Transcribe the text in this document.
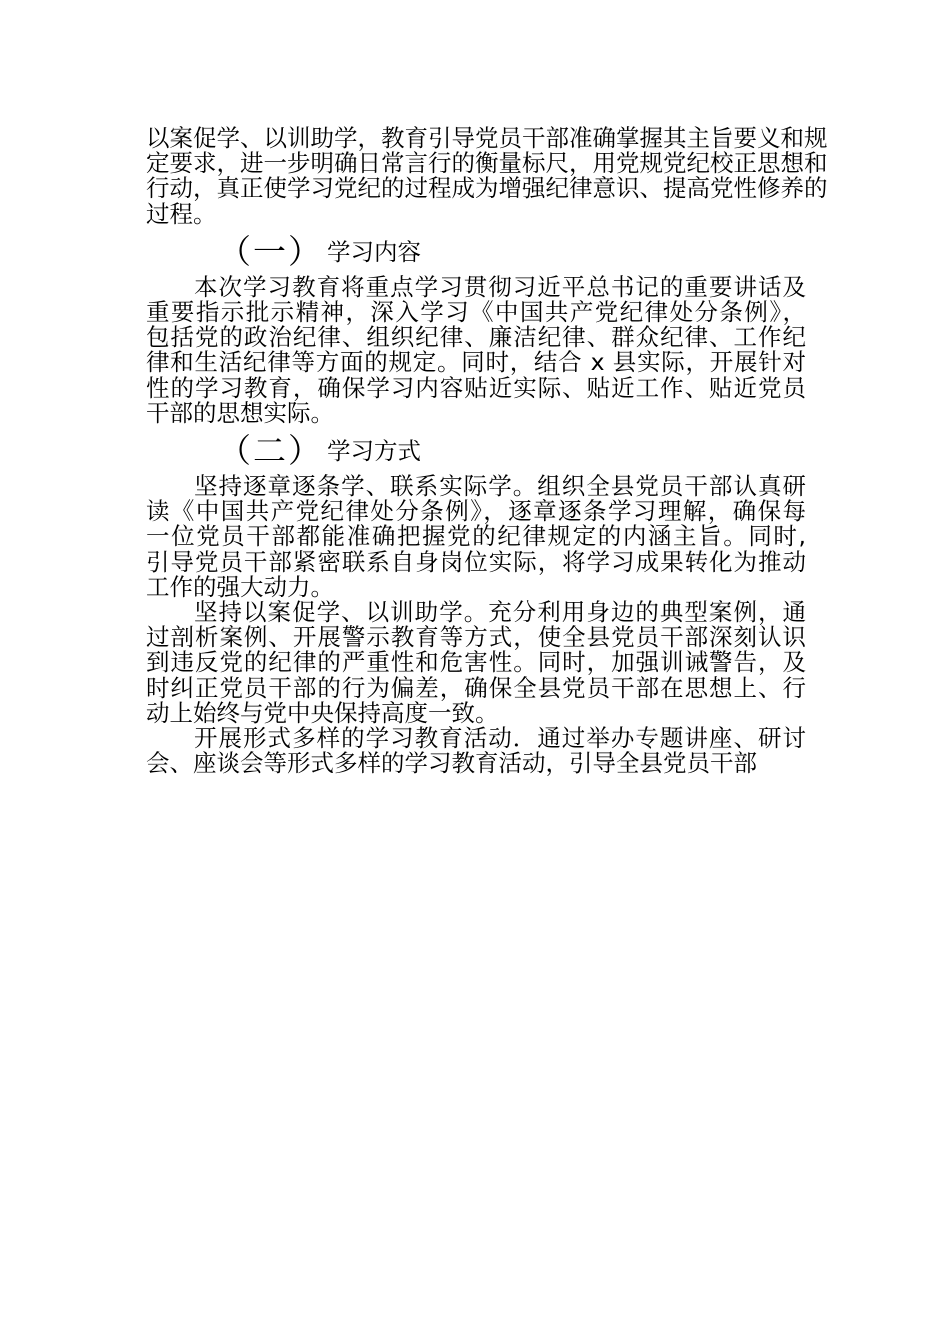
以案促学、以训助学，教育引导党员干部准确掌握其主旨要义和规
定要求，进一步明确日常言行的衡量标尺，用党规党纪校正思想和
行动，真正使学习党纪的过程成为增强纪律意识、提高党性修养的
过程。
（一） 学习内容
本次学习教育将重点学习贯彻习近平总书记的重要讲话及
重要指示批示精神，深入学习《中国共产党纪律处分条例》，
包括党的政治纪律、组织纪律、廉洁纪律、群众纪律、工作纪
律和生活纪律等方面的规定。同时，结合 x 县实际，开展针对
性的学习教育，确保学习内容贴近实际、贴近工作、贴近党员
干部的思想实际。
（二） 学习方式
坚持逐章逐条学、联系实际学。组织全县党员干部认真研
读《中国共产党纪律处分条例》，逐章逐条学习理解，确保每
一位党员干部都能准确把握党的纪律规定的内涵主旨。同时,
引导党员干部紧密联系自身岗位实际，将学习成果转化为推动
工作的强大动力。
坚持以案促学、以训助学。充分利用身边的典型案例，通
过剖析案例、开展警示教育等方式，使全县党员干部深刻认识
到违反党的纪律的严重性和危害性。同时，加强训诫警告，及
时纠正党员干部的行为偏差，确保全县党员干部在思想上、行
动上始终与党中央保持高度一致。
开展形式多样的学习教育活动．通过举办专题讲座、研讨
会、座谈会等形式多样的学习教育活动，引导全县党员干部
